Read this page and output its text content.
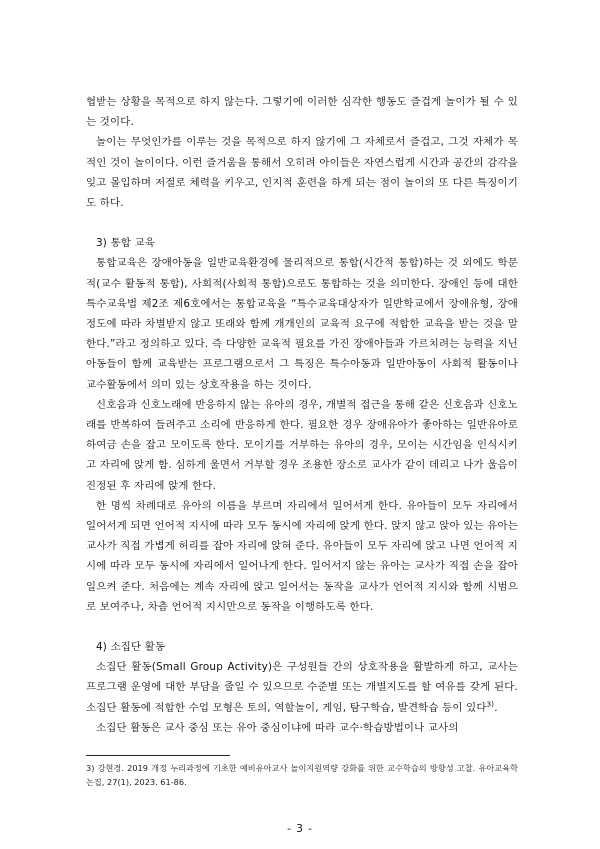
협받는 상황을 목적으로 하지 않는다. 그렇기에 이러한 심각한 행동도 즐겁게 놀이가 될 수 있는 것이다.

놀이는 무엇인가를 이루는 것을 목적으로 하지 않기에 그 자체로서 즐겁고, 그것 자체가 목적인 것이 놀이이다. 이런 즐거움을 통해서 오히려 아이들은 자연스럽게 시간과 공간의 감각을 잊고 몰입하며 저절로 체력을 키우고, 인지적 훈련을 하게 되는 점이 놀이의 또 다른 특징이기도 하다.

3) 통합 교육

통합교육은 장애아동을 일반교육환경에 물리적으로 통합(시간적 통합)하는 것 외에도 학문적(교수 활동적 통합), 사회적(사회적 통합)으로도 통합하는 것을 의미한다. 장애인 등에 대한 특수교육법 제2조 제6호에서는 통합교육을 “특수교육대상자가 일반학교에서 장애유형, 장애정도에 따라 차별받지 않고 또래와 함께 개개인의 교육적 요구에 적합한 교육을 받는 것을 말한다.”라고 정의하고 있다. 즉 다양한 교육적 필요를 가진 장애아들과 가르치려는 능력을 지닌 아동들이 함께 교육받는 프로그램으로서 그 특징은 특수아동과 일반아동이 사회적 활동이나 교수활동에서 의미 있는 상호작용을 하는 것이다.

신호음과 신호노래에 반응하지 않는 유아의 경우, 개별적 접근을 통해 같은 신호음과 신호노래를 반복하여 들려주고 소리에 반응하게 한다. 필요한 경우 장애유아가 좋아하는 일반유아로 하여금 손을 잡고 모이도록 한다. 모이기를 거부하는 유아의 경우, 모이는 시간임을 인식시키고 자리에 앉게 함. 심하게 울면서 거부할 경우 조용한 장소로 교사가 같이 데리고 나가 울음이 진정된 후 자리에 앉게 한다.

한 명씩 차례대로 유아의 이름을 부르며 자리에서 일어서게 한다. 유아들이 모두 자리에서 일어서게 되면 언어적 지시에 따라 모두 동시에 자리에 앉게 한다. 앉지 않고 앉아 있는 유아는 교사가 직접 가볍게 허리를 잡아 자리에 앉혀 준다. 유아들이 모두 자리에 앉고 나면 언어적 지시에 따라 모두 동시에 자리에서 일어나게 한다. 일어서지 않는 유아는 교사가 직접 손을 잡아 일으켜 준다. 처음에는 계속 자리에 앉고 일어서는 동작을 교사가 언어적 지시와 함께 시범으로 보여주나, 차츰 언어적 지시만으로 동작을 이행하도록 한다.

4) 소집단 활동

소집단 활동(Small Group Activity)은 구성원들 간의 상호작용을 활발하게 하고, 교사는 프로그램 운영에 대한 부담을 줄일 수 있으므로 수준별 또는 개별지도를 할 여유를 갖게 된다. 소집단 활동에 적합한 수업 모형은 토의, 역할놀이, 게임, 탐구학습, 발견학습 등이 있다$^{3)}$.

소집단 활동은 교사 중심 또는 유아 중심이냐에 따라 교수·학습방법이나 교사의

3) 강현경. 2019 개정 누리과정에 기초한 예비유아교사 놀이지원역량 강화를 위한 교수학습의 방향성 고찰. 유아교육학논집, 27(1), 2023. 61-86.
- 3 -
